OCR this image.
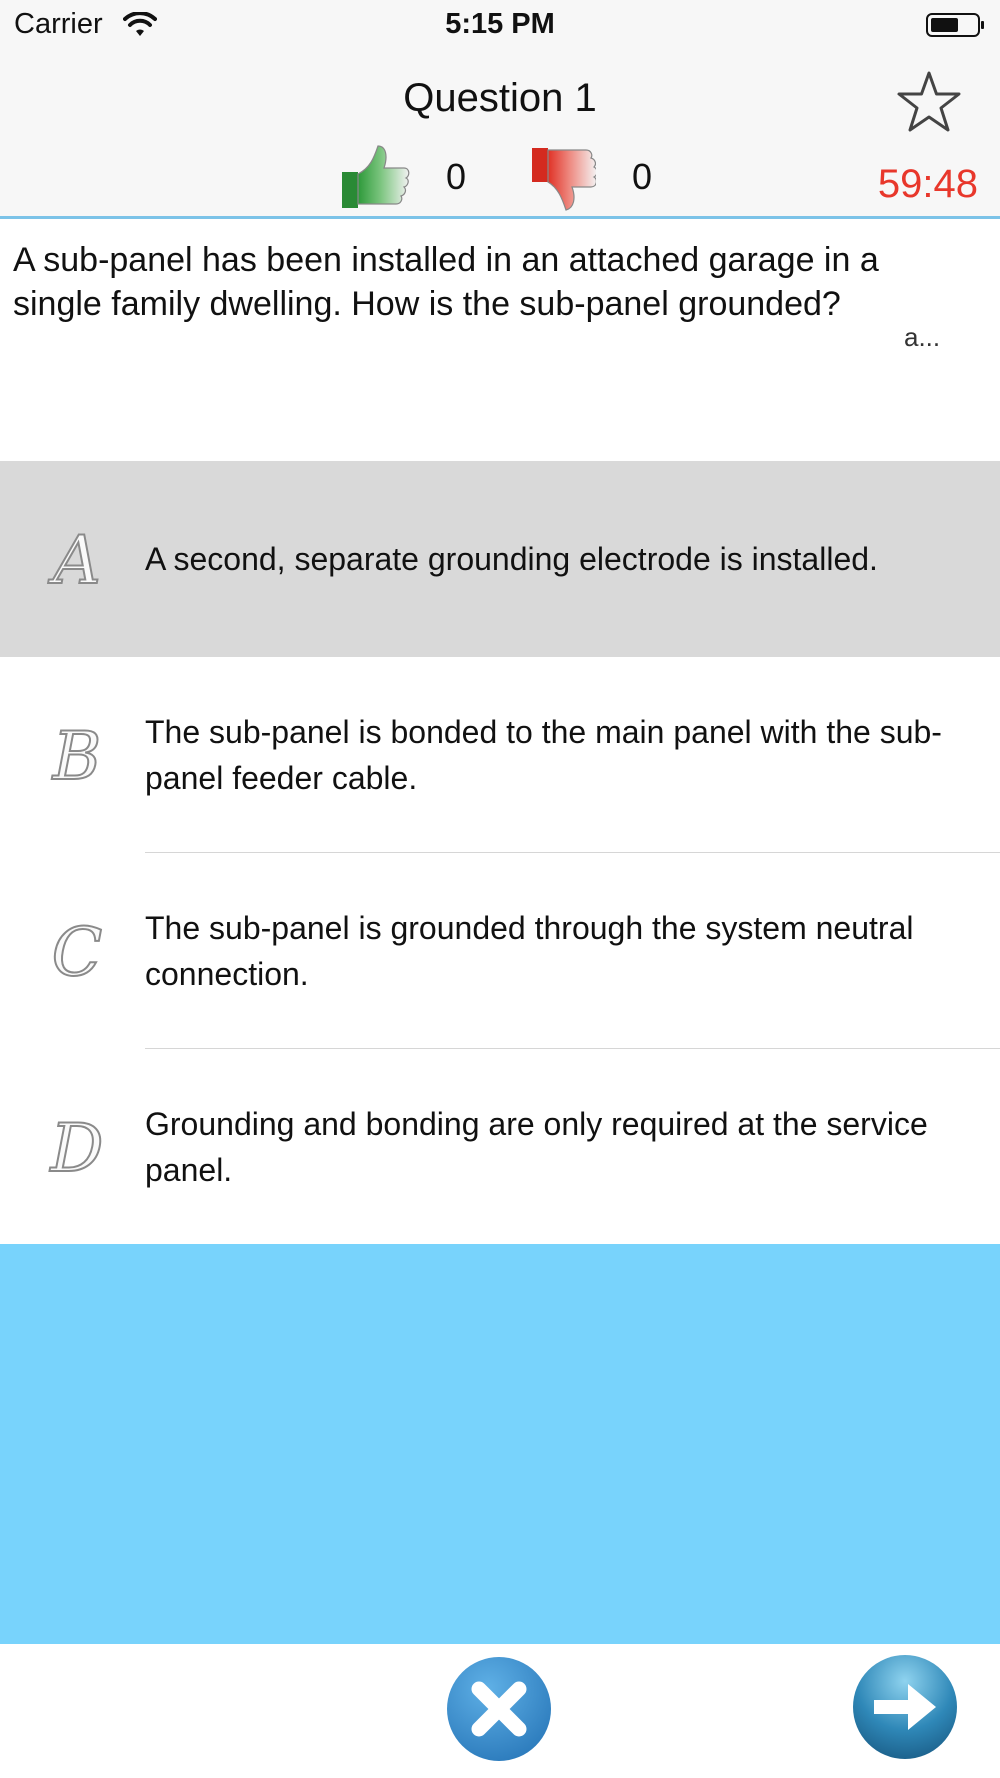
Carrier	5:15 PM
Question 1
0	0	59:48
A sub-panel has been installed in an attached garage in a single family dwelling. How is the sub-panel grounded?
a...
A A second, separate grounding electrode is installed.
B The sub-panel is bonded to the main panel with the sub-panel feeder cable.
C The sub-panel is grounded through the system neutral connection.
D Grounding and bonding are only required at the service panel.
